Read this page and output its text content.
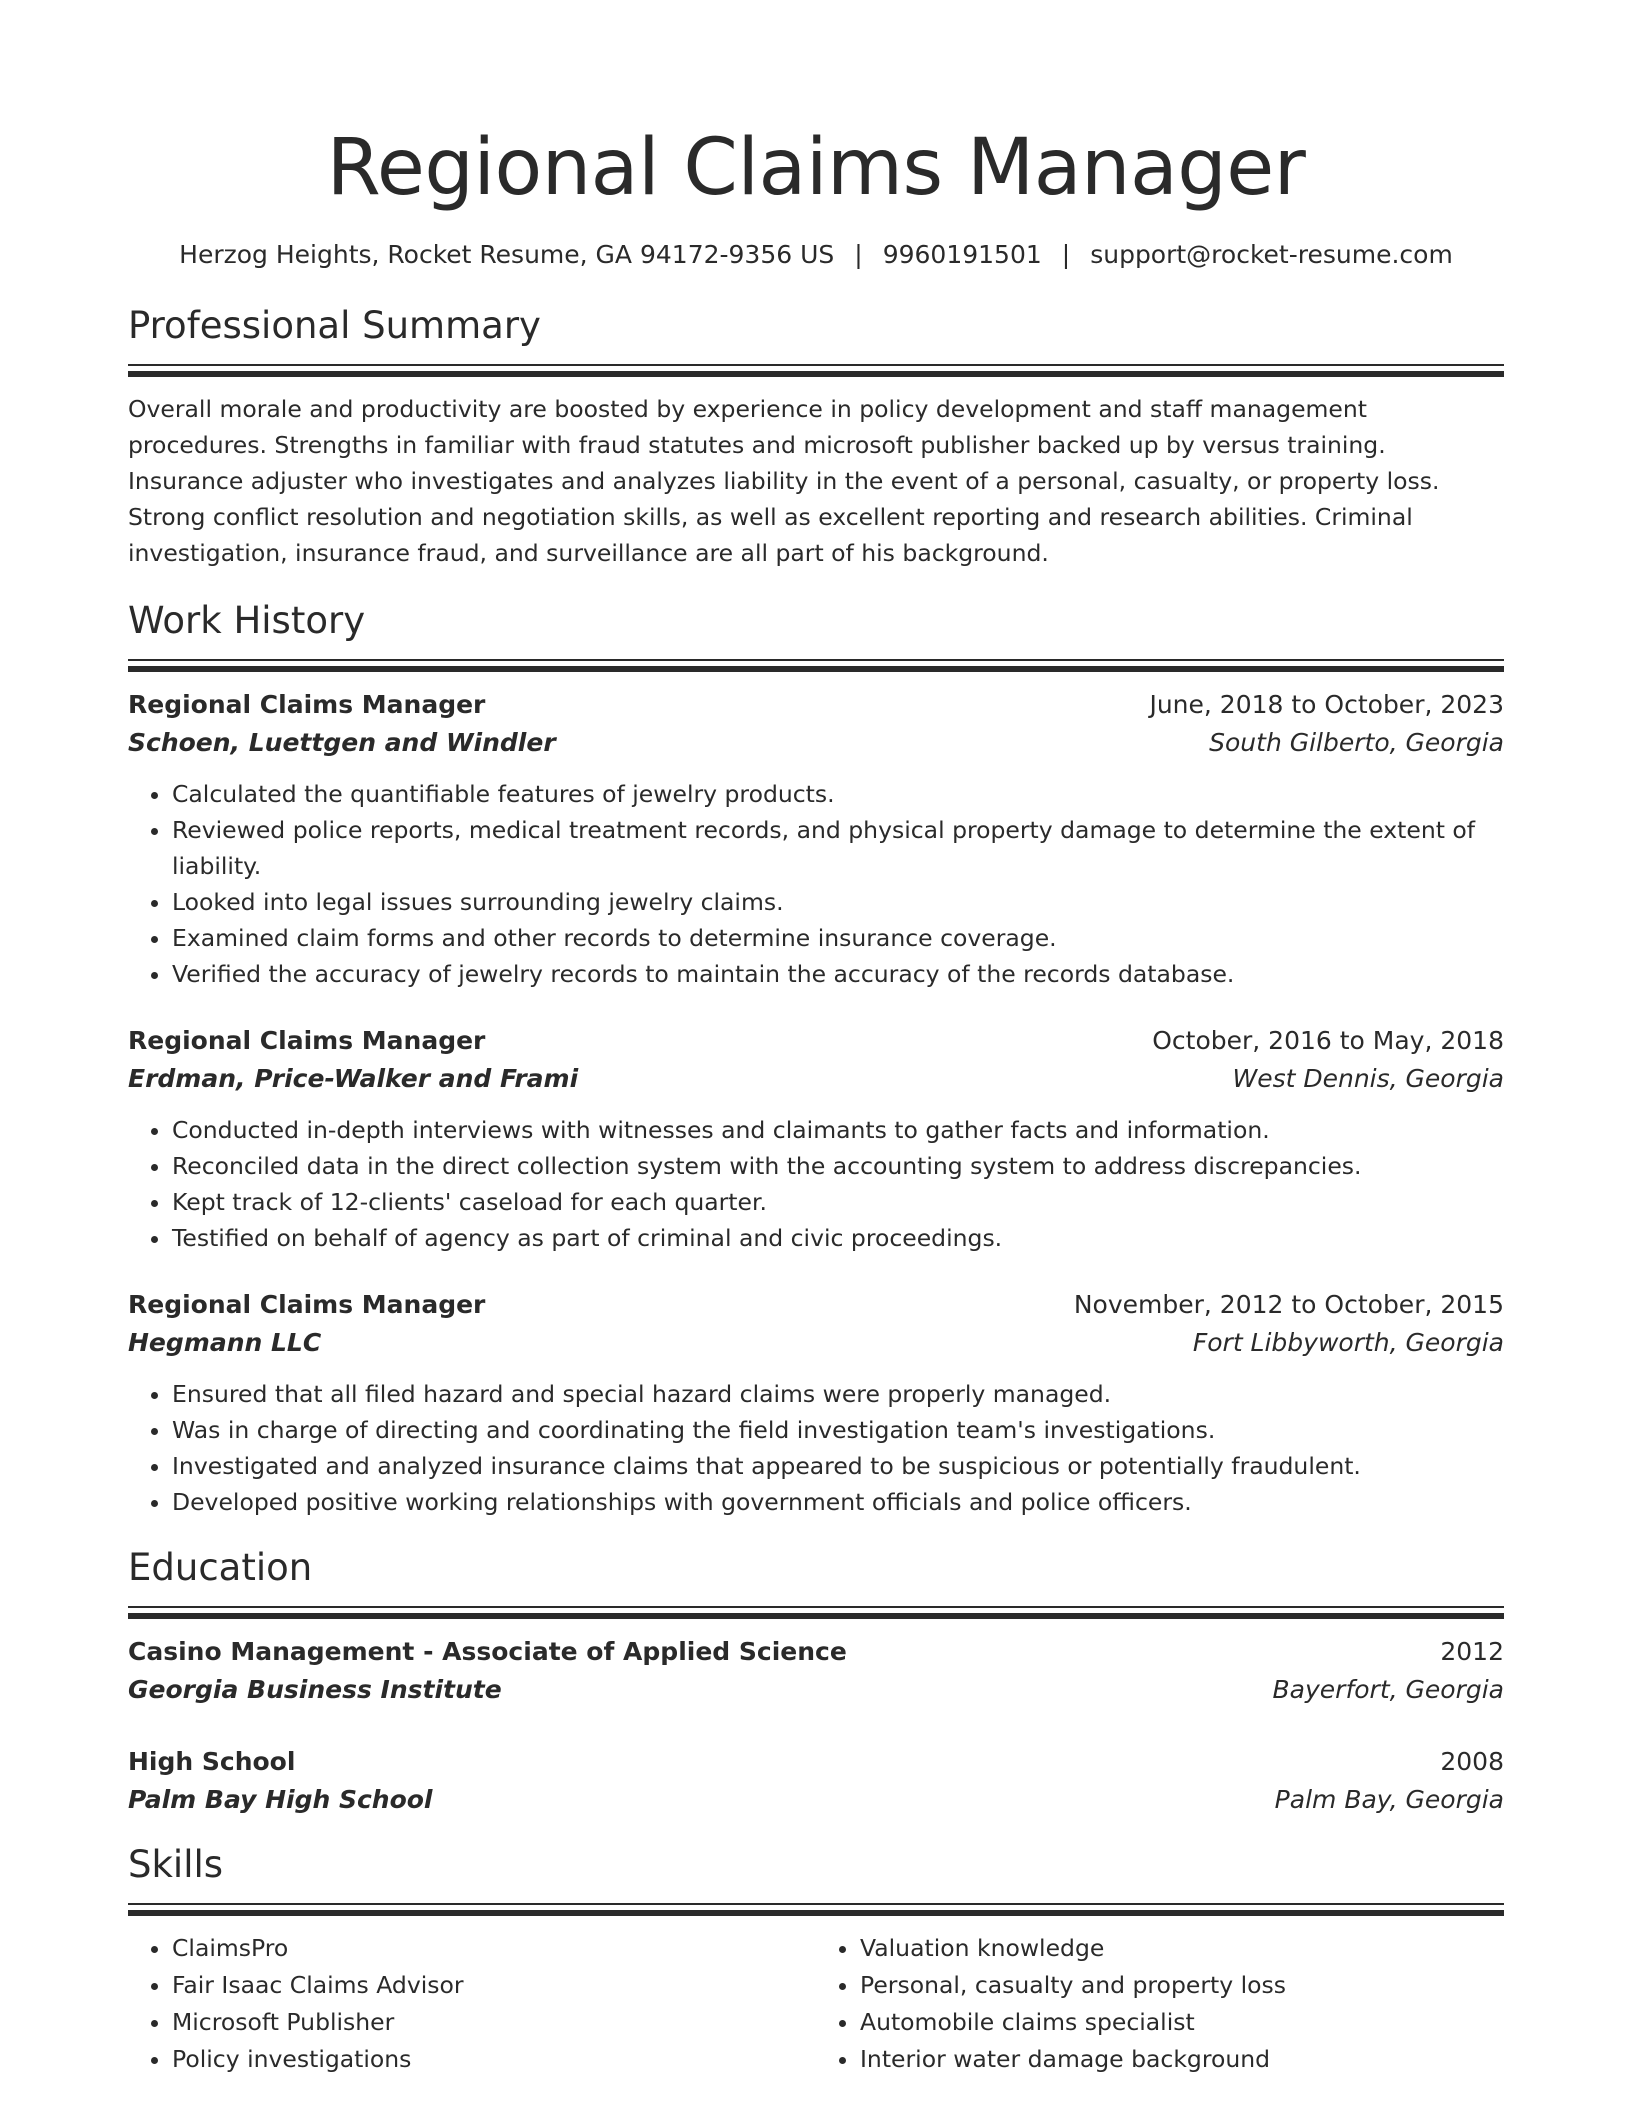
Regional Claims Manager
Herzog Heights, Rocket Resume, GA 94172-9356 US | 9960191501 | support@rocket-resume.com
Professional Summary
Overall morale and productivity are boosted by experience in policy development and staff management procedures. Strengths in familiar with fraud statutes and microsoft publisher backed up by versus training. Insurance adjuster who investigates and analyzes liability in the event of a personal, casualty, or property loss. Strong conflict resolution and negotiation skills, as well as excellent reporting and research abilities. Criminal investigation, insurance fraud, and surveillance are all part of his background.
Work History
Regional Claims Manager	June, 2018 to October, 2023
Schoen, Luettgen and Windler	South Gilberto, Georgia
• Calculated the quantifiable features of jewelry products.
• Reviewed police reports, medical treatment records, and physical property damage to determine the extent of liability.
• Looked into legal issues surrounding jewelry claims.
• Examined claim forms and other records to determine insurance coverage.
• Verified the accuracy of jewelry records to maintain the accuracy of the records database.
Regional Claims Manager	October, 2016 to May, 2018
Erdman, Price-Walker and Frami	West Dennis, Georgia
• Conducted in-depth interviews with witnesses and claimants to gather facts and information.
• Reconciled data in the direct collection system with the accounting system to address discrepancies.
• Kept track of 12-clients' caseload for each quarter.
• Testified on behalf of agency as part of criminal and civic proceedings.
Regional Claims Manager	November, 2012 to October, 2015
Hegmann LLC	Fort Libbyworth, Georgia
• Ensured that all filed hazard and special hazard claims were properly managed.
• Was in charge of directing and coordinating the field investigation team's investigations.
• Investigated and analyzed insurance claims that appeared to be suspicious or potentially fraudulent.
• Developed positive working relationships with government officials and police officers.
Education
Casino Management - Associate of Applied Science	2012
Georgia Business Institute	Bayerfort, Georgia
High School	2008
Palm Bay High School	Palm Bay, Georgia
Skills
• ClaimsPro
• Fair Isaac Claims Advisor
• Microsoft Publisher
• Policy investigations
• Valuation knowledge
• Personal, casualty and property loss
• Automobile claims specialist
• Interior water damage background
